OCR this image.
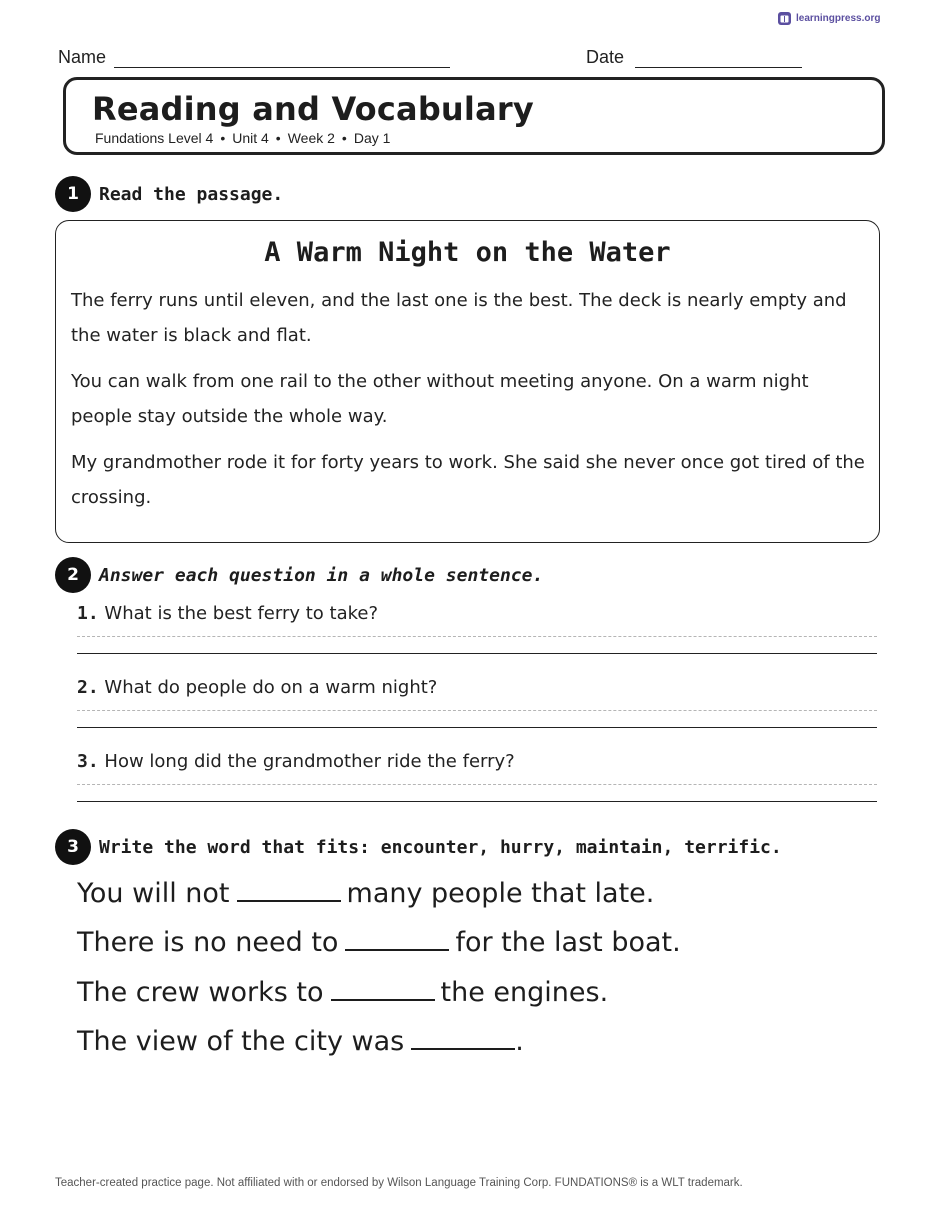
learningpress.org
Name	Date
Reading and Vocabulary
Fundations Level 4 • Unit 4 • Week 2 • Day 1
1	Read the passage.
A Warm Night on the Water

The ferry runs until eleven, and the last one is the best. The deck is nearly empty and the water is black and flat.

You can walk from one rail to the other without meeting anyone. On a warm night people stay outside the whole way.

My grandmother rode it for forty years to work. She said she never once got tired of the crossing.

2	Answer each question in a whole sentence.
1. What is the best ferry to take?
2. What do people do on a warm night?
3. How long did the grandmother ride the ferry?
3	Write the word that fits: encounter, hurry, maintain, terrific.
You will not	many people that late.
There is no need to	for the last boat.
The crew works to	the engines.
The view of the city was	.
Teacher-created practice page. Not affiliated with or endorsed by Wilson Language Training Corp. FUNDATIONS® is a WLT trademark.
